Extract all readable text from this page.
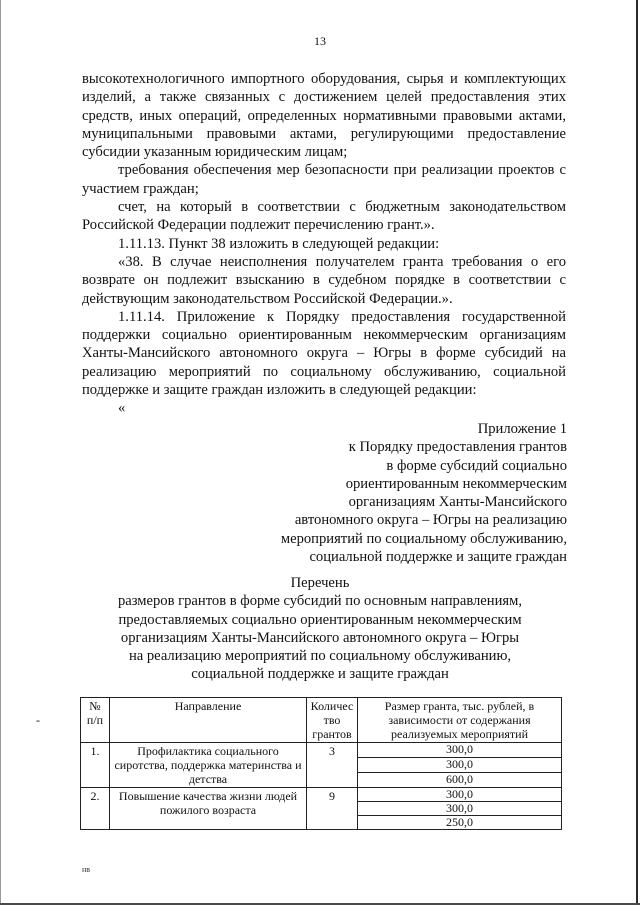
13

высокотехнологичного импортного оборудования, сырья и комплектующих изделий, а также связанных с достижением целей предоставления этих средств, иных операций, определенных нормативными правовыми актами, муниципальными правовыми актами, регулирующими предоставление субсидии указанным юридическим лицам;

требования обеспечения мер безопасности при реализации проектов с участием граждан;

счет, на который в соответствии с бюджетным законодательством Российской Федерации подлежит перечислению грант.».

1.11.13. Пункт 38 изложить в следующей редакции:

«38. В случае неисполнения получателем гранта требования о его возврате он подлежит взысканию в судебном порядке в соответствии с действующим законодательством Российской Федерации.».

1.11.14. Приложение к Порядку предоставления государственной поддержки социально ориентированным некоммерческим организациям Ханты-Мансийского автономного округа – Югры в форме субсидий на реализацию мероприятий по социальному обслуживанию, социальной поддержке и защите граждан изложить в следующей редакции:

«

Приложение 1
к Порядку предоставления грантов
в форме субсидий социально
ориентированным некоммерческим
организациям Ханты-Мансийского
автономного округа – Югры на реализацию
мероприятий по социальному обслуживанию,
социальной поддержке и защите граждан
Перечень
размеров грантов в форме субсидий по основным направлениям,
предоставляемых социально ориентированным некоммерческим
организациям Ханты-Мансийского автономного округа – Югры
на реализацию мероприятий по социальному обслуживанию,
социальной поддержке и защите граждан
№ п/п	Направление	Количес тво грантов	Размер гранта, тыс. рублей, в зависимости от содержания реализуемых мероприятий
1.	Профилактика социального сиротства, поддержка материнства и детства	3	300,0
			300,0
			600,0
2.	Повышение качества жизни людей пожилого возраста	9	300,0
			300,0
			250,0
-
нв
